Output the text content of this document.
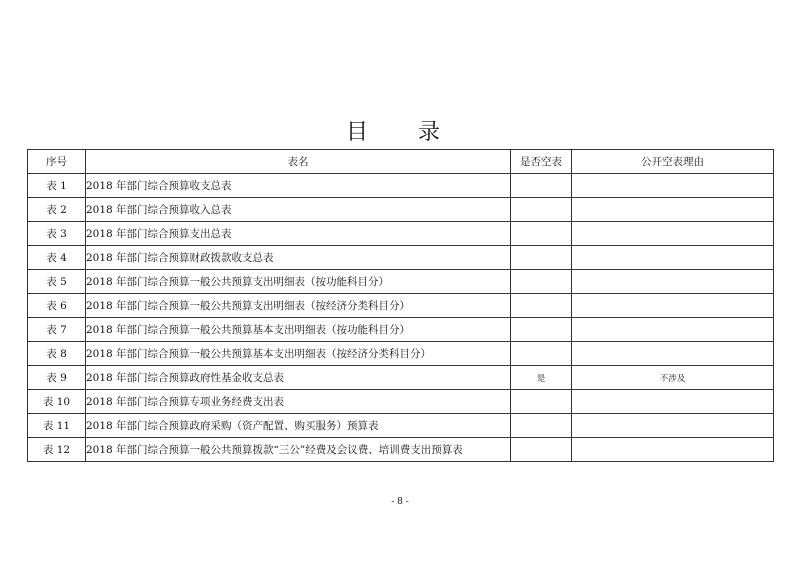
目　录
序号	表名	是否空表	公开空表理由
表 1	2018 年部门综合预算收支总表		
表 2	2018 年部门综合预算收入总表		
表 3	2018 年部门综合预算支出总表		
表 4	2018 年部门综合预算财政拨款收支总表		
表 5	2018 年部门综合预算一般公共预算支出明细表（按功能科目分）		
表 6	2018 年部门综合预算一般公共预算支出明细表（按经济分类科目分）		
表 7	2018 年部门综合预算一般公共预算基本支出明细表（按功能科目分）		
表 8	2018 年部门综合预算一般公共预算基本支出明细表（按经济分类科目分）		
表 9	2018 年部门综合预算政府性基金收支总表	是	不涉及
表 10	2018 年部门综合预算专项业务经费支出表		
表 11	2018 年部门综合预算政府采购（资产配置、购买服务）预算表		
表 12	2018 年部门综合预算一般公共预算拨款“三公”经费及会议费、培训费支出预算表		
- 8 -
